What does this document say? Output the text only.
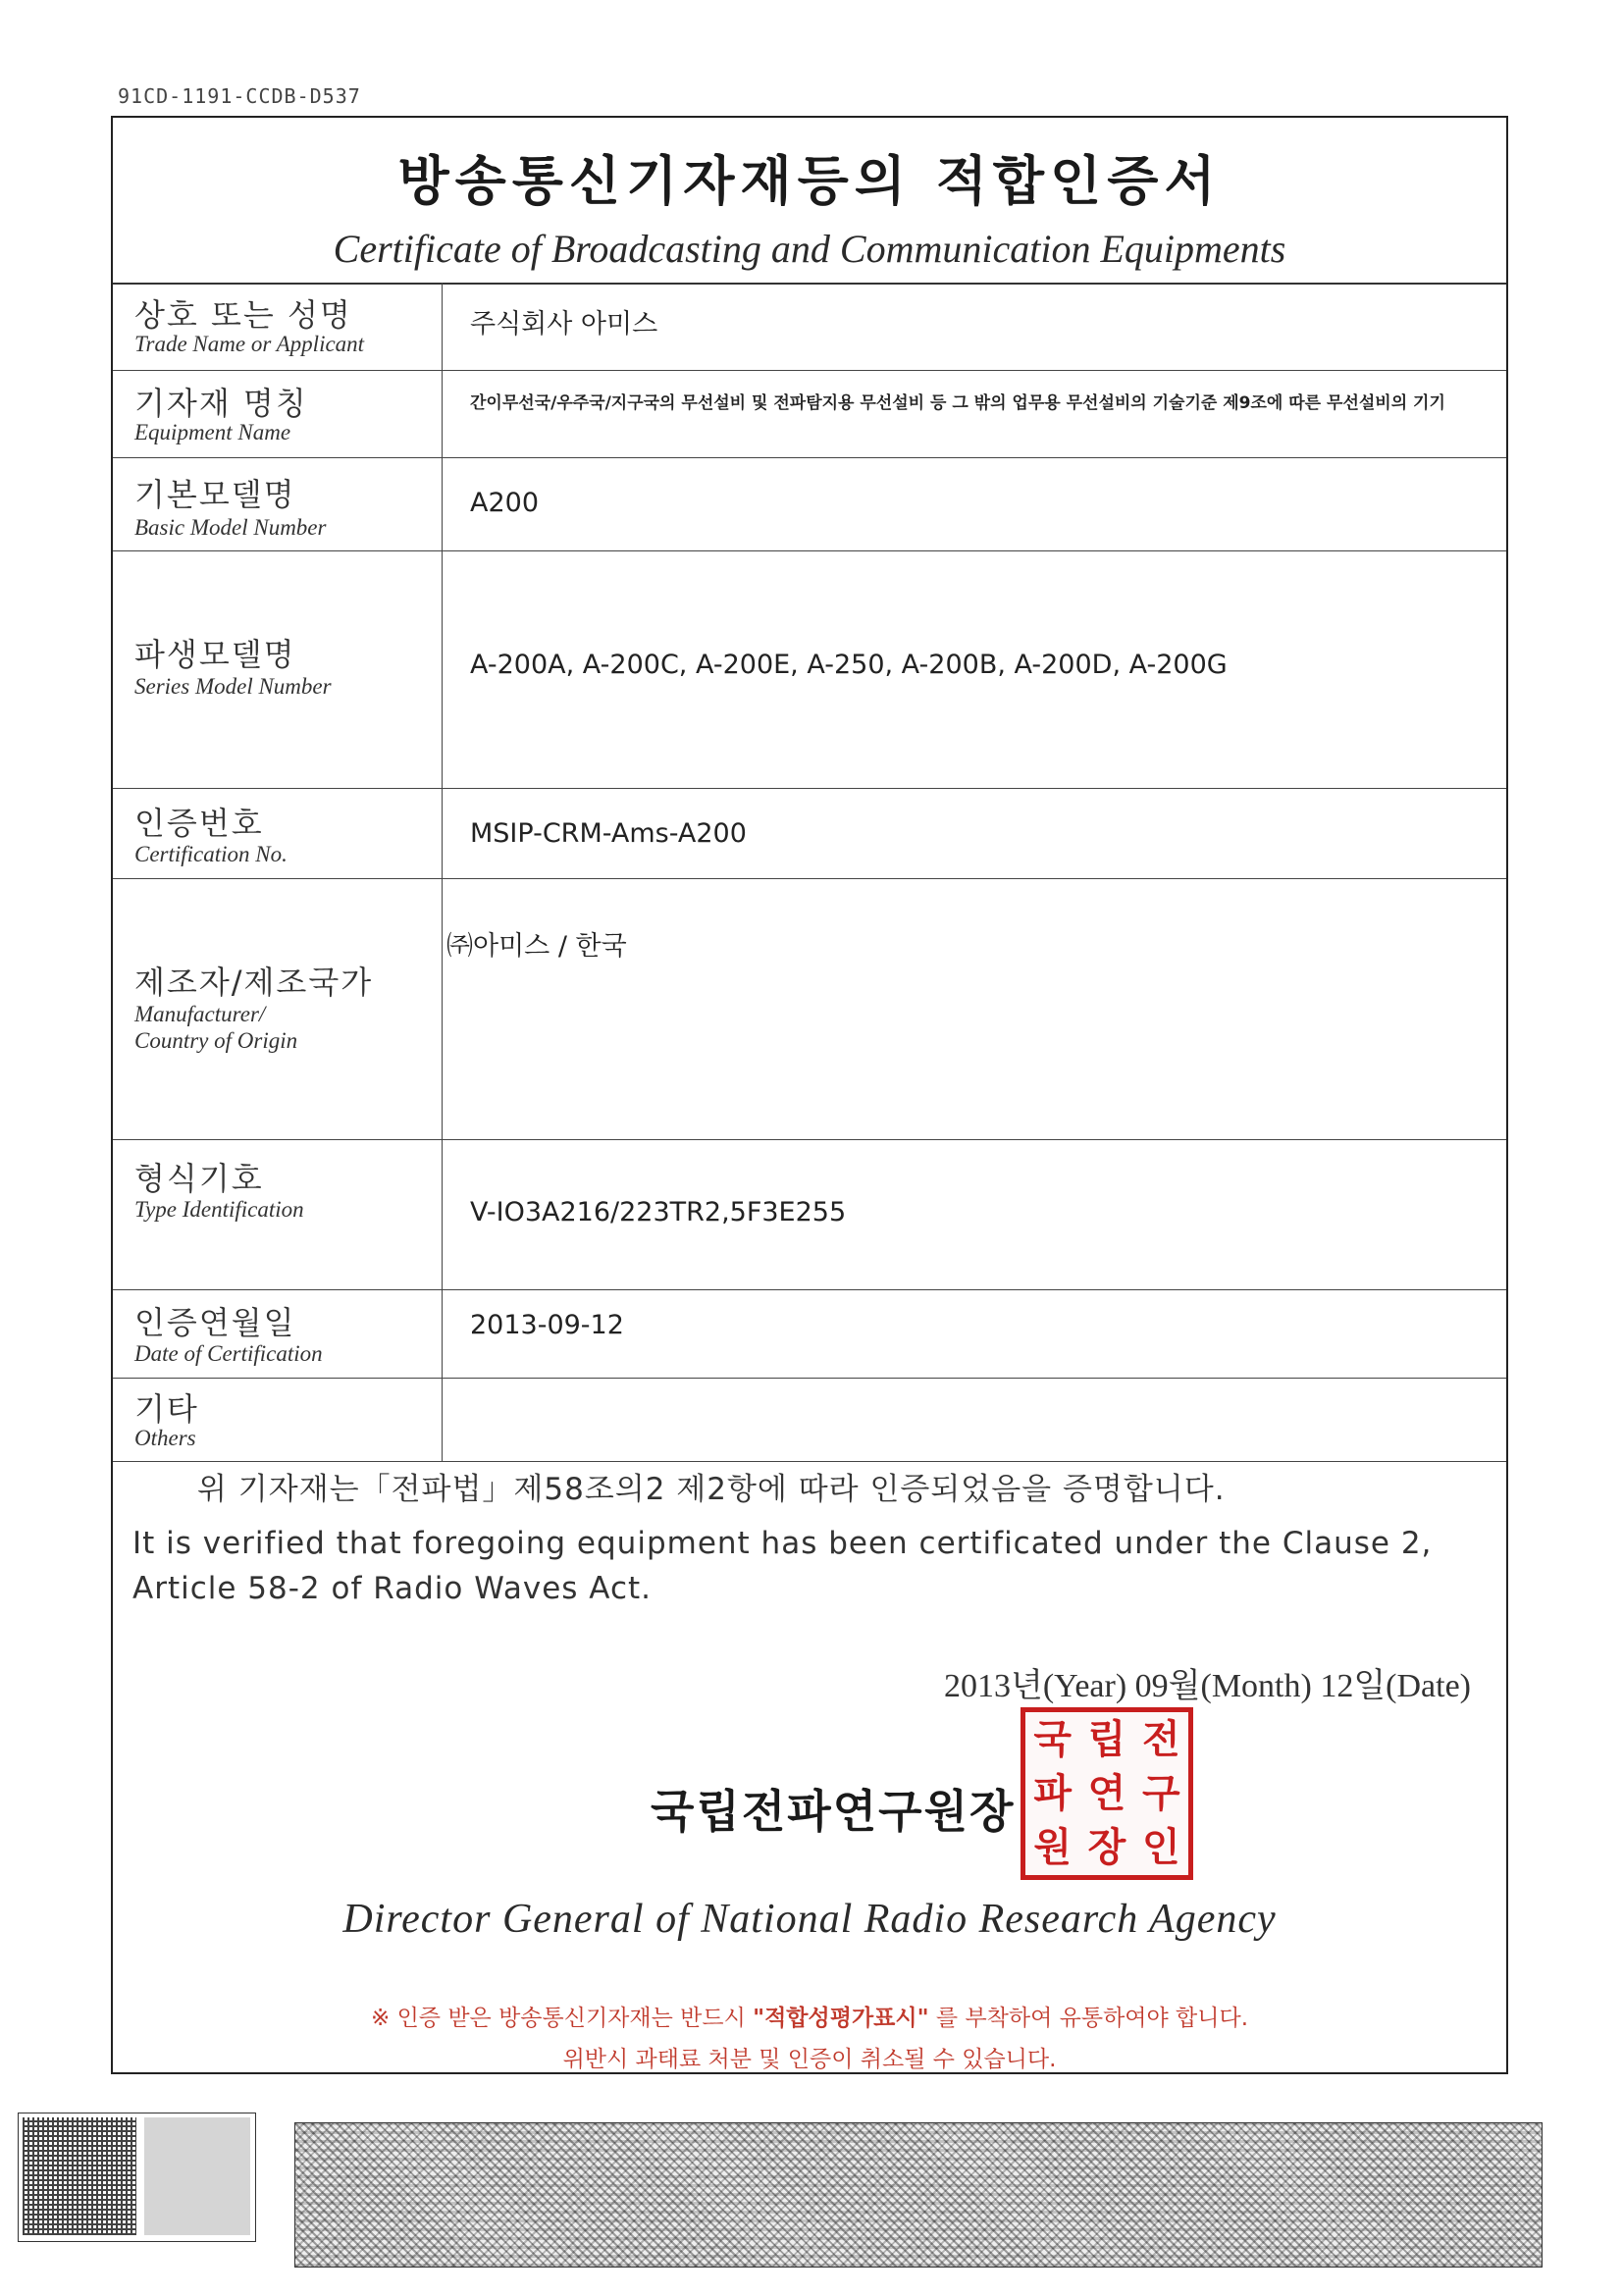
91CD-1191-CCDB-D537
방송통신기자재등의 적합인증서
Certificate of Broadcasting and Communication Equipments
상호 또는 성명
Trade Name or Applicant
주식회사 아미스
기자재 명칭
Equipment Name
간이무선국/우주국/지구국의 무선설비 및 전파탐지용 무선설비 등 그 밖의 업무용 무선설비의 기술기준 제9조에 따른 무선설비의 기기
기본모델명
Basic Model Number
A200
파생모델명
Series Model Number
A-200A, A-200C, A-200E, A-250, A-200B, A-200D, A-200G
인증번호
Certification No.
MSIP-CRM-Ams-A200
제조자/제조국가
Manufacturer/
Country of Origin
㈜아미스 / 한국
형식기호
Type Identification	V-IO3A216/223TR2,5F3E255
인증연월일
Date of Certification
2013-09-12
기타
Others
위 기자재는「전파법」제58조의2 제2항에 따라 인증되었음을 증명합니다.
It is verified that foregoing equipment has been certificated under the Clause 2, Article 58-2 of Radio Waves Act.
2013년(Year) 09월(Month) 12일(Date)
국립전파연구원장
국 립 전
파 연 구
원 장 인
Director General of National Radio Research Agency
※ 인증 받은 방송통신기자재는 반드시 "적합성평가표시" 를 부착하여 유통하여야 합니다.
위반시 과태료 처분 및 인증이 취소될 수 있습니다.
